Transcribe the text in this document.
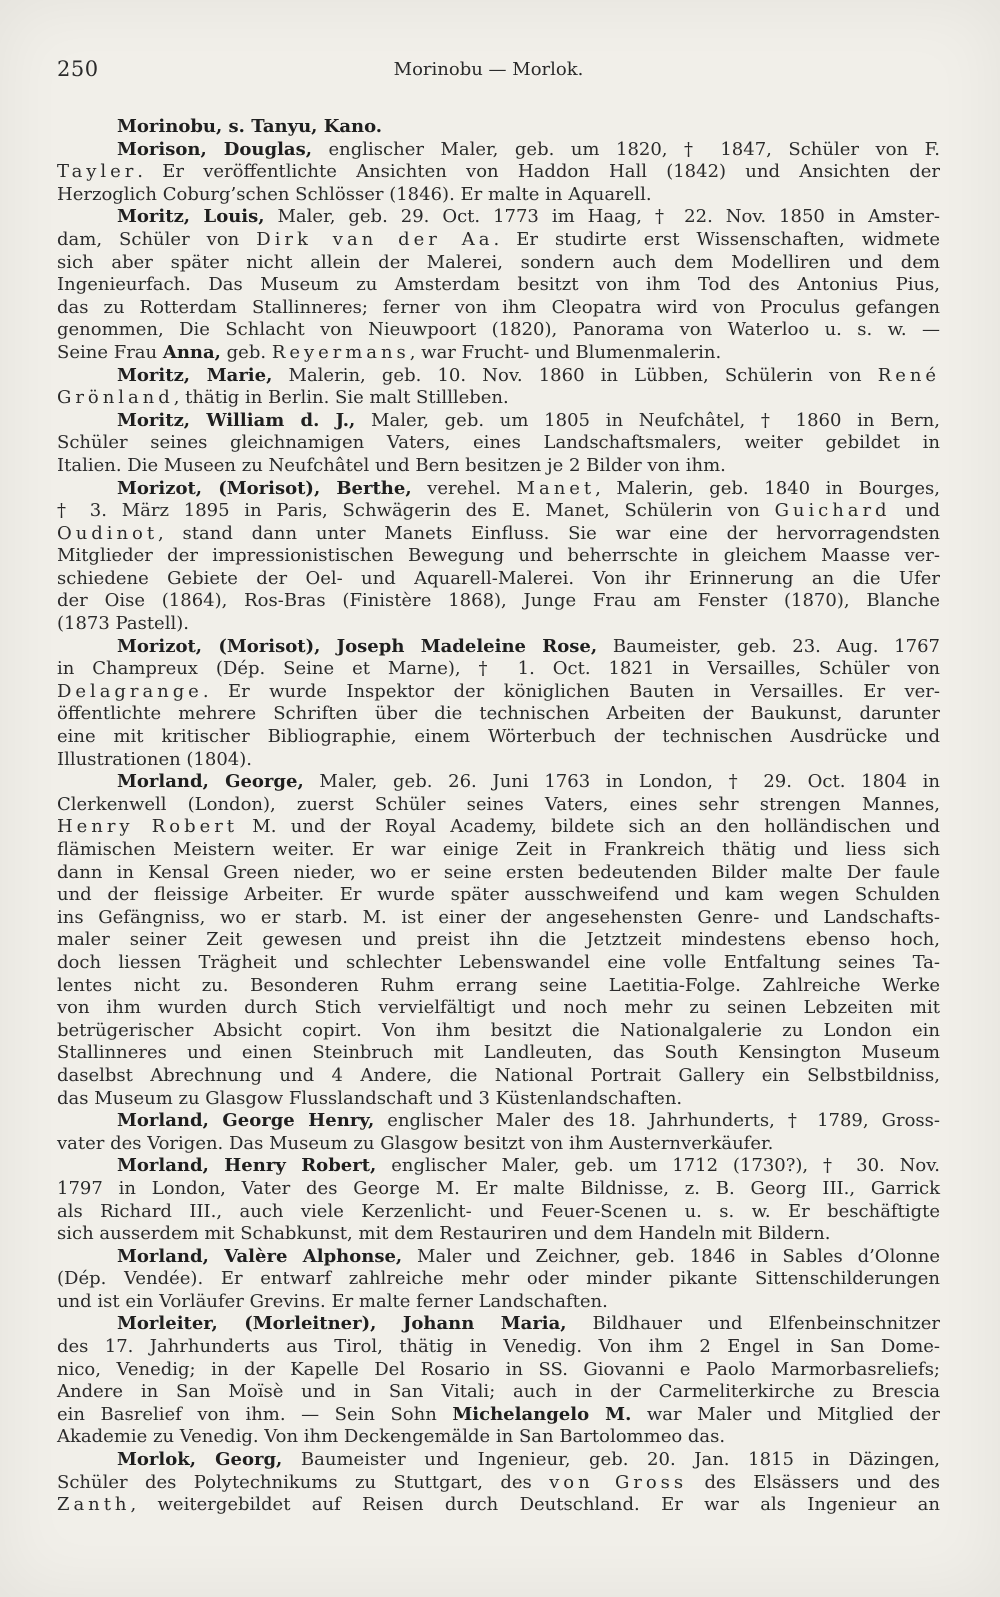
250	Morinobu — Morlok.
Morinobu, s. Tanyu, Kano.
Morison, Douglas, englischer Maler, geb. um 1820, † 1847, Schüler von F.
Tayler. Er veröffentlichte Ansichten von Haddon Hall (1842) und Ansichten der
Herzoglich Coburg’schen Schlösser (1846). Er malte in Aquarell.
Moritz, Louis, Maler, geb. 29. Oct. 1773 im Haag, † 22. Nov. 1850 in Amster-
dam, Schüler von Dirk van der Aa. Er studirte erst Wissenschaften, widmete
sich aber später nicht allein der Malerei, sondern auch dem Modelliren und dem
Ingenieurfach. Das Museum zu Amsterdam besitzt von ihm Tod des Antonius Pius,
das zu Rotterdam Stallinneres; ferner von ihm Cleopatra wird von Proculus gefangen
genommen, Die Schlacht von Nieuwpoort (1820), Panorama von Waterloo u. s. w. —
Seine Frau Anna, geb. Reyermans, war Frucht- und Blumenmalerin.
Moritz, Marie, Malerin, geb. 10. Nov. 1860 in Lübben, Schülerin von René
Grönland, thätig in Berlin. Sie malt Stillleben.
Moritz, William d. J., Maler, geb. um 1805 in Neufchâtel, † 1860 in Bern,
Schüler seines gleichnamigen Vaters, eines Landschaftsmalers, weiter gebildet in
Italien. Die Museen zu Neufchâtel und Bern besitzen je 2 Bilder von ihm.
Morizot, (Morisot), Berthe, verehel. Manet, Malerin, geb. 1840 in Bourges,
† 3. März 1895 in Paris, Schwägerin des E. Manet, Schülerin von Guichard und
Oudinot, stand dann unter Manets Einfluss. Sie war eine der hervorragendsten
Mitglieder der impressionistischen Bewegung und beherrschte in gleichem Maasse ver-
schiedene Gebiete der Oel- und Aquarell-Malerei. Von ihr Erinnerung an die Ufer
der Oise (1864), Ros-Bras (Finistère 1868), Junge Frau am Fenster (1870), Blanche
(1873 Pastell).
Morizot, (Morisot), Joseph Madeleine Rose, Baumeister, geb. 23. Aug. 1767
in Champreux (Dép. Seine et Marne), † 1. Oct. 1821 in Versailles, Schüler von
Delagrange. Er wurde Inspektor der königlichen Bauten in Versailles. Er ver-
öffentlichte mehrere Schriften über die technischen Arbeiten der Baukunst, darunter
eine mit kritischer Bibliographie, einem Wörterbuch der technischen Ausdrücke und
Illustrationen (1804).
Morland, George, Maler, geb. 26. Juni 1763 in London, † 29. Oct. 1804 in
Clerkenwell (London), zuerst Schüler seines Vaters, eines sehr strengen Mannes,
Henry Robert M. und der Royal Academy, bildete sich an den holländischen und
flämischen Meistern weiter. Er war einige Zeit in Frankreich thätig und liess sich
dann in Kensal Green nieder, wo er seine ersten bedeutenden Bilder malte Der faule
und der fleissige Arbeiter. Er wurde später ausschweifend und kam wegen Schulden
ins Gefängniss, wo er starb. M. ist einer der angesehensten Genre- und Landschafts-
maler seiner Zeit gewesen und preist ihn die Jetztzeit mindestens ebenso hoch,
doch liessen Trägheit und schlechter Lebenswandel eine volle Entfaltung seines Ta-
lentes nicht zu. Besonderen Ruhm errang seine Laetitia-Folge. Zahlreiche Werke
von ihm wurden durch Stich vervielfältigt und noch mehr zu seinen Lebzeiten mit
betrügerischer Absicht copirt. Von ihm besitzt die Nationalgalerie zu London ein
Stallinneres und einen Steinbruch mit Landleuten, das South Kensington Museum
daselbst Abrechnung und 4 Andere, die National Portrait Gallery ein Selbstbildniss,
das Museum zu Glasgow Flusslandschaft und 3 Küstenlandschaften.
Morland, George Henry, englischer Maler des 18. Jahrhunderts, † 1789, Gross-
vater des Vorigen. Das Museum zu Glasgow besitzt von ihm Austernverkäufer.
Morland, Henry Robert, englischer Maler, geb. um 1712 (1730?), † 30. Nov.
1797 in London, Vater des George M. Er malte Bildnisse, z. B. Georg III., Garrick
als Richard III., auch viele Kerzenlicht- und Feuer-Scenen u. s. w. Er beschäftigte
sich ausserdem mit Schabkunst, mit dem Restauriren und dem Handeln mit Bildern.
Morland, Valère Alphonse, Maler und Zeichner, geb. 1846 in Sables d’Olonne
(Dép. Vendée). Er entwarf zahlreiche mehr oder minder pikante Sittenschilderungen
und ist ein Vorläufer Grevins. Er malte ferner Landschaften.
Morleiter, (Morleitner), Johann Maria, Bildhauer und Elfenbeinschnitzer
des 17. Jahrhunderts aus Tirol, thätig in Venedig. Von ihm 2 Engel in San Dome-
nico, Venedig; in der Kapelle Del Rosario in SS. Giovanni e Paolo Marmorbasreliefs;
Andere in San Moïsè und in San Vitali; auch in der Carmeliterkirche zu Brescia
ein Basrelief von ihm. — Sein Sohn Michelangelo M. war Maler und Mitglied der
Akademie zu Venedig. Von ihm Deckengemälde in San Bartolommeo das.
Morlok, Georg, Baumeister und Ingenieur, geb. 20. Jan. 1815 in Däzingen,
Schüler des Polytechnikums zu Stuttgart, des von Gross des Elsässers und des
Zanth, weitergebildet auf Reisen durch Deutschland. Er war als Ingenieur an
